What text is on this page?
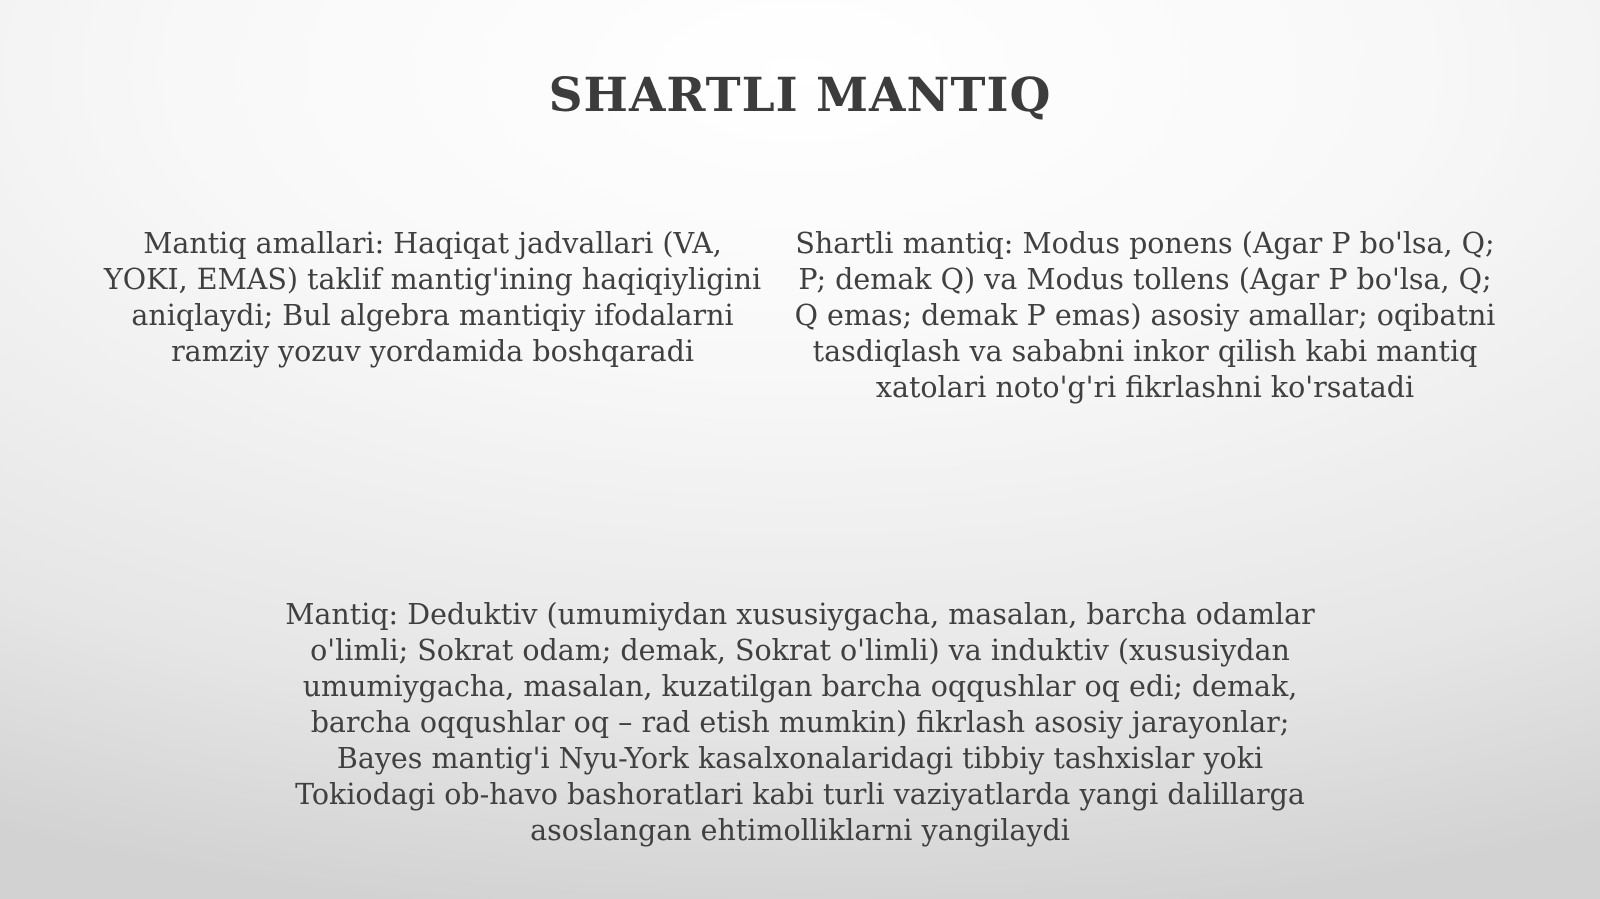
SHARTLI MANTIQ

Mantiq amallari: Haqiqat jadvallari (VA, YOKI, EMAS) taklif mantig'ining haqiqiyligini aniqlaydi; Bul algebra mantiqiy ifodalarni ramziy yozuv yordamida boshqaradi

Shartli mantiq: Modus ponens (Agar P bo'lsa, Q; P; demak Q) va Modus tollens (Agar P bo'lsa, Q; Q emas; demak P emas) asosiy amallar; oqibatni tasdiqlash va sababni inkor qilish kabi mantiq xatolari noto'g'ri fikrlashni ko'rsatadi

Mantiq: Deduktiv (umumiydan xususiygacha, masalan, barcha odamlar o'limli; Sokrat odam; demak, Sokrat o'limli) va induktiv (xususiydan umumiygacha, masalan, kuzatilgan barcha oqqushlar oq edi; demak, barcha oqqushlar oq – rad etish mumkin) fikrlash asosiy jarayonlar; Bayes mantig'i Nyu-York kasalxonalaridagi tibbiy tashxislar yoki Tokiodagi ob-havo bashoratlari kabi turli vaziyatlarda yangi dalillarga asoslangan ehtimolliklarni yangilaydi
